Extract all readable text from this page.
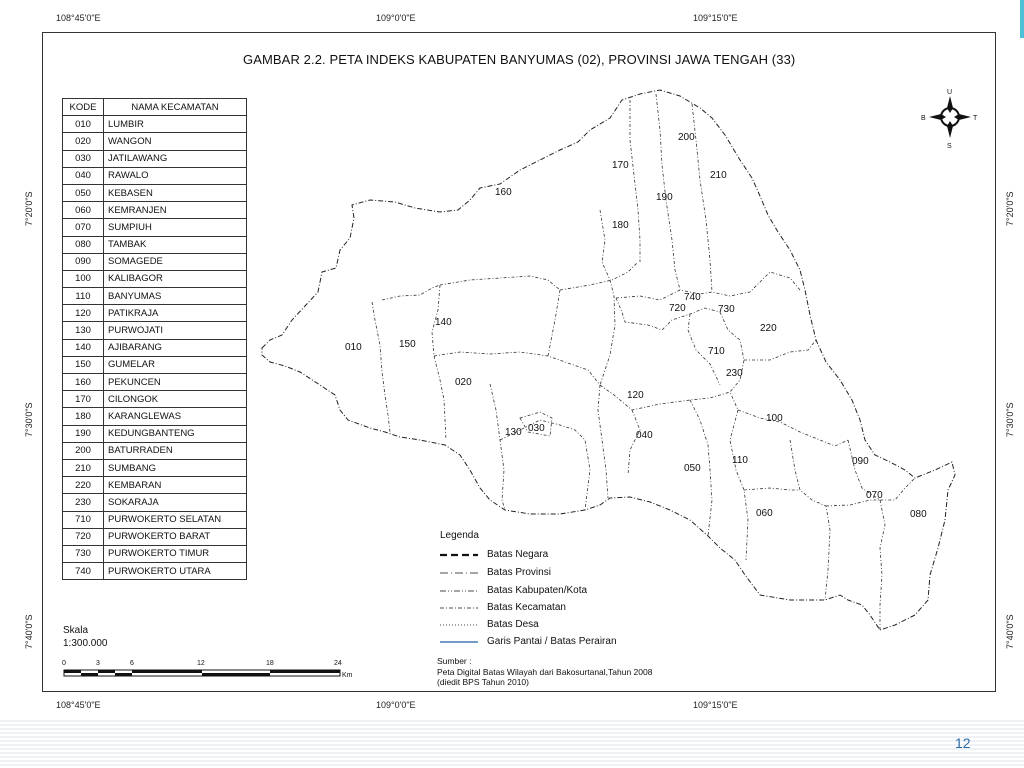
108°45'0"E	109°0'0"E	109°15'0"E
108°45'0"E	109°0'0"E	109°15'0"E
7°20'0"S
7°30'0"S
7°40'0"S
7°20'0"S
7°30'0"S
7°40'0"S
GAMBAR 2.2. PETA INDEKS KABUPATEN BANYUMAS (02), PROVINSI JAWA TENGAH (33)
KODE	NAMA KECAMATAN
010	LUMBIR
020	WANGON
030	JATILAWANG
040	RAWALO
050	KEBASEN
060	KEMRANJEN
070	SUMPIUH
080	TAMBAK
090	SOMAGEDE
100	KALIBAGOR
110	BANYUMAS
120	PATIKRAJA
130	PURWOJATI
140	AJIBARANG
150	GUMELAR
160	PEKUNCEN
170	CILONGOK
180	KARANGLEWAS
190	KEDUNGBANTENG
200	BATURRADEN
210	SUMBANG
220	KEMBARAN
230	SOKARAJA
710	PURWOKERTO SELATAN
720	PURWOKERTO BARAT
730	PURWOKERTO TIMUR
740	PURWOKERTO UTARA
010
020
030
040
050
060
070
080
090
100
110
120
130
140
150
160
170
180
190
200
210
220
230
710
720	730
740
U
S
B	T
Skala
1:300.000
0	3	6	12	18	24
Km
Legenda
Batas Negara
Batas Provinsi
Batas Kabupaten/Kota
Batas Kecamatan
Batas Desa
Garis Pantai / Batas Perairan
Sumber :
Peta Digital Batas Wilayah dari Bakosurtanal,Tahun 2008
(diedit BPS Tahun 2010)
12
